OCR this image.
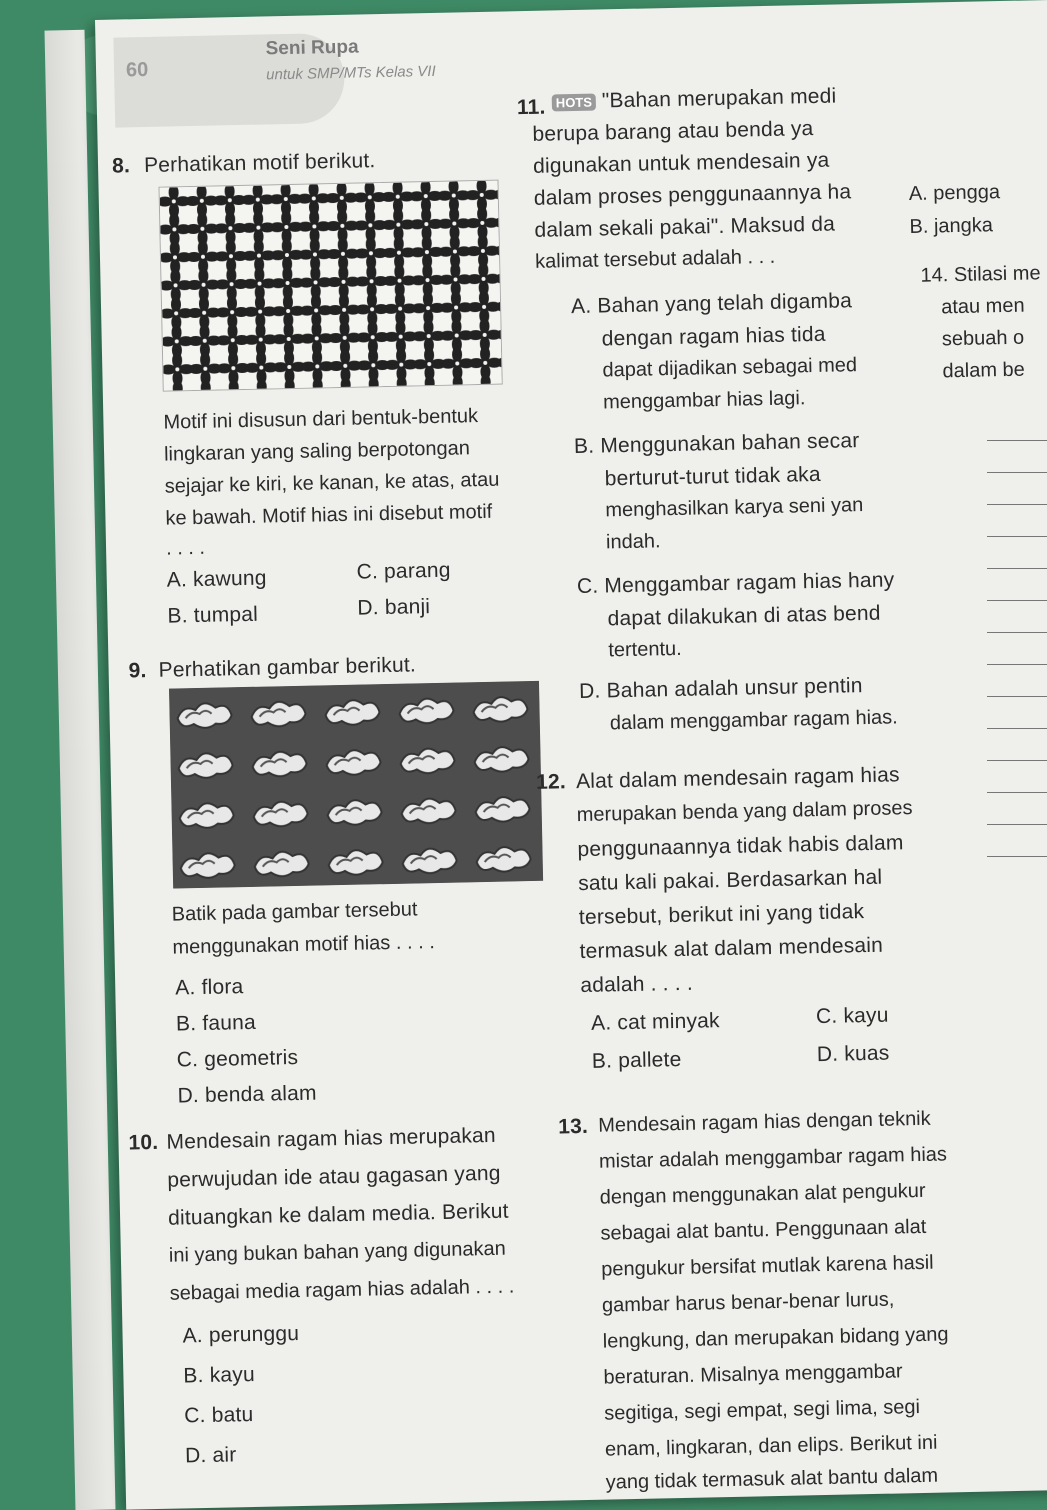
60
Seni Rupa
untuk SMP/MTs Kelas VII
8. Perhatikan motif berikut.
Motif ini disusun dari bentuk-bentuk
lingkaran yang saling berpotongan
sejajar ke kiri, ke kanan, ke atas, atau
ke bawah. Motif hias ini disebut motif
. . . .
A. kawung
B. tumpal
C. parang
D. banji
9. Perhatikan gambar berikut.
Batik pada gambar tersebut
menggunakan motif hias . . . .
A. flora
B. fauna
C. geometris
D. benda alam
10. Mendesain ragam hias merupakan
perwujudan ide atau gagasan yang
dituangkan ke dalam media. Berikut
ini yang bukan bahan yang digunakan
sebagai media ragam hias adalah . . . .
A. perunggu
B. kayu
C. batu
D. air
11. HOTS "Bahan merupakan medi
berupa barang atau benda ya
digunakan untuk mendesain ya
dalam proses penggunaannya ha
dalam sekali pakai". Maksud da
kalimat tersebut adalah . . .
A. Bahan yang telah digamba
dengan ragam hias tida
dapat dijadikan sebagai med
menggambar hias lagi.
B. Menggunakan bahan secar
berturut-turut tidak aka
menghasilkan karya seni yan
indah.
C. Menggambar ragam hias hany
dapat dilakukan di atas bend
tertentu.
D. Bahan adalah unsur pentin
dalam menggambar ragam hias.
12. Alat dalam mendesain ragam hias
merupakan benda yang dalam proses
penggunaannya tidak habis dalam
satu kali pakai. Berdasarkan hal
tersebut, berikut ini yang tidak
termasuk alat dalam mendesain
adalah . . . .
A. cat minyak
B. pallete
C. kayu
D. kuas
13. Mendesain ragam hias dengan teknik
mistar adalah menggambar ragam hias
dengan menggunakan alat pengukur
sebagai alat bantu. Penggunaan alat
pengukur bersifat mutlak karena hasil
gambar harus benar-benar lurus,
lengkung, dan merupakan bidang yang
beraturan. Misalnya menggambar
segitiga, segi empat, segi lima, segi
enam, lingkaran, dan elips. Berikut ini
yang tidak termasuk alat bantu dalam
A. pengga
B. jangka
14. Stilasi me
atau men
sebuah o
dalam be
